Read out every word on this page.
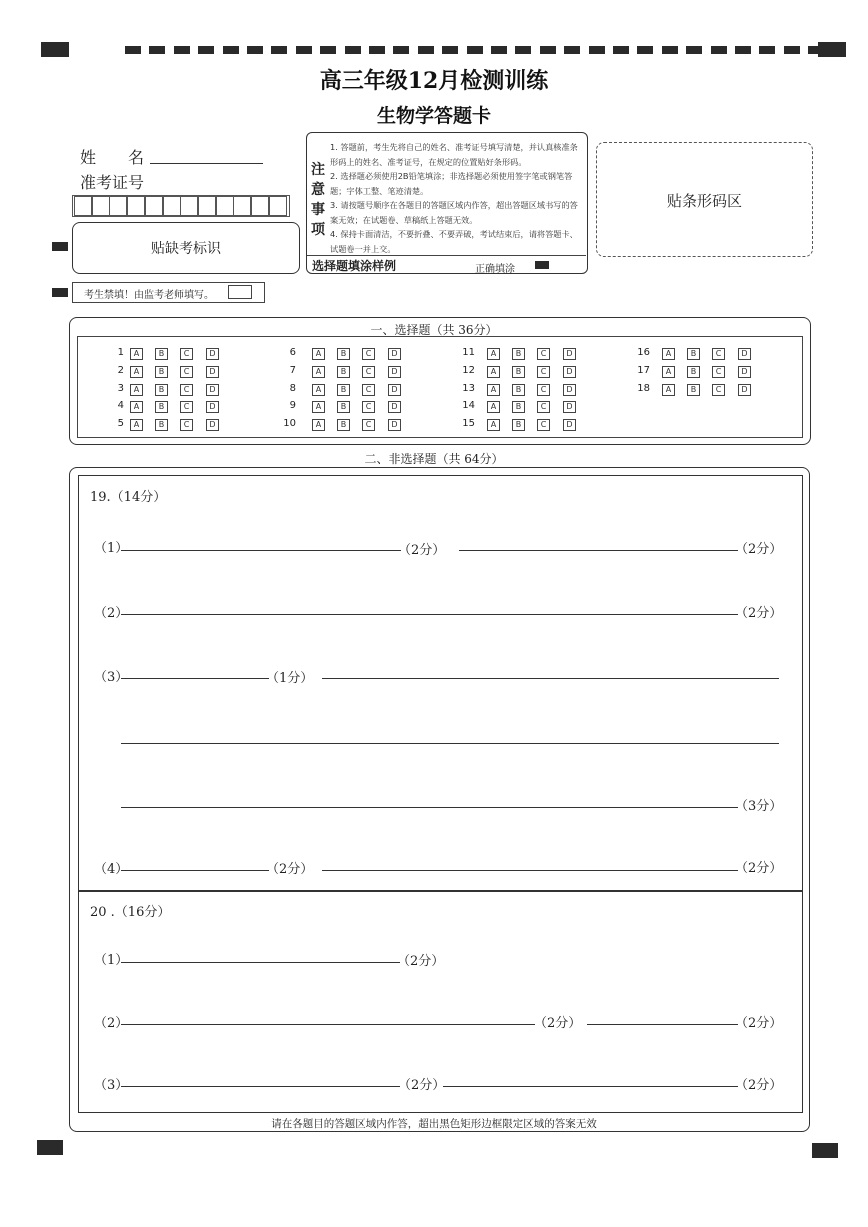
高三年级12月检测训练
生物学答题卡
姓　　名
准考证号
贴缺考标识
考生禁填！由监考老师填写。
注
意
事
项

1. 答题前，考生先将自己的姓名、准考证号填写清楚，并认真核准条形码上的姓名、准考证号，在规定的位置贴好条形码。

2. 选择题必须使用2B铅笔填涂；非选择题必须使用签字笔或钢笔答题；字体工整、笔迹清楚。

3. 请按题号顺序在各题目的答题区域内作答，超出答题区域书写的答案无效；在试题卷、草稿纸上答题无效。

4. 保持卡面清洁，不要折叠、不要弄破，考试结束后，请将答题卡、试题卷一并上交。

选择题填涂样例	正确填涂
贴条形码区
一、选择题（共 36分）
1	A	B	C	D
2	A	B	C	D
3	A	B	C	D
4	A	B	C	D
5	A	B	C	D
6	A	B	C	D
7	A	B	C	D
8	A	B	C	D
9	A	B	C	D
10	A	B	C	D
11	A	B	C	D
12	A	B	C	D
13	A	B	C	D
14	A	B	C	D
15	A	B	C	D
16	A	B	C	D
17	A	B	C	D
18	A	B	C	D
二、非选择题（共 64分）
19.（14分）
（1）	（2分）	（2分）
（2）	（2分）
（3）	（1分）
（3分）
（4）	（2分）	（2分）
20 .（16分）
（1）	（2分）
（2）	（2分）	（2分）
（3）	（2分）	（2分）
请在各题目的答题区域内作答，超出黑色矩形边框限定区域的答案无效
